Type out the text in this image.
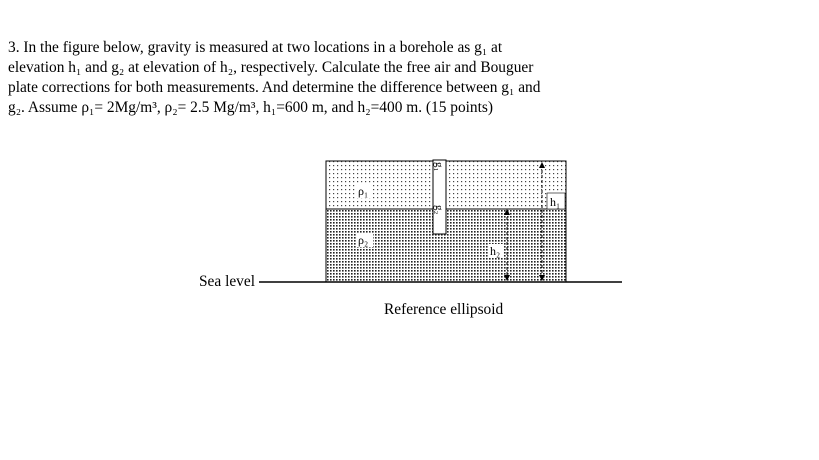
3. In the figure below, gravity is measured at two locations in a borehole as g₁ at

elevation h₁ and g₂ at elevation of h₂, respectively. Calculate the free air and Bouguer

plate corrections for both measurements. And determine the difference between g₁ and

g₂. Assume ρ₁= 2Mg/m³, ρ₂= 2.5 Mg/m³, h₁=600 m, and h₂=400 m. (15 points)

ρ₁
ρ₂
h₁
h₂
g₁
g₂
Sea level
Reference ellipsoid
